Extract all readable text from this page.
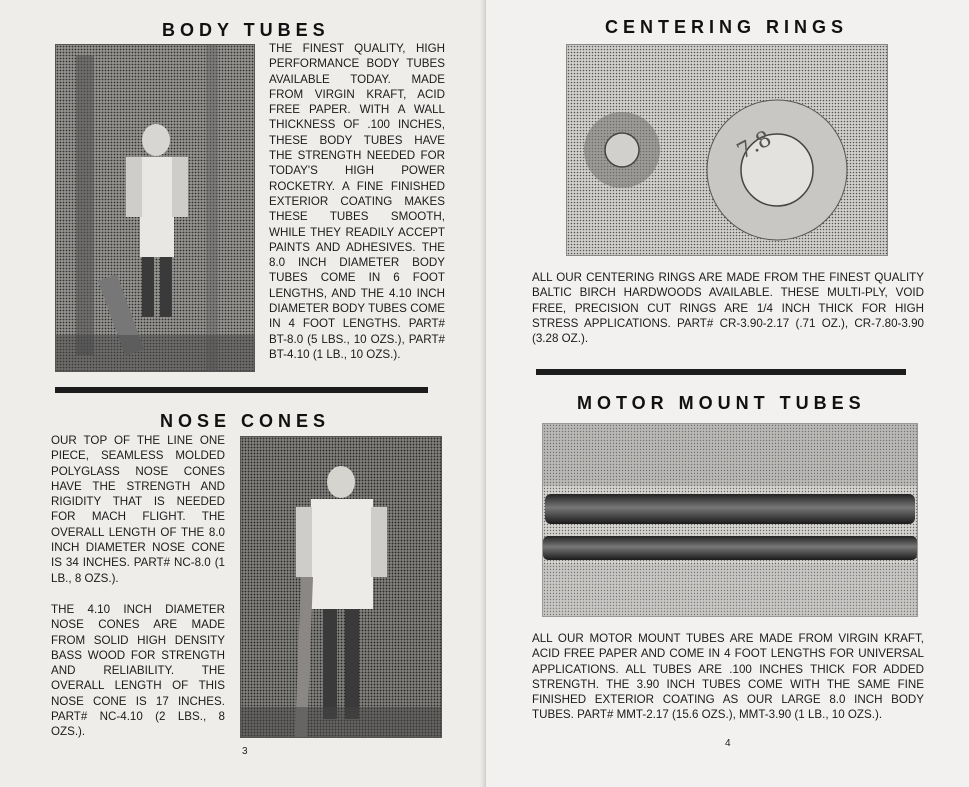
BODY TUBES

THE FINEST QUALITY, HIGH PERFORMANCE BODY TUBES AVAILABLE TODAY. MADE FROM VIRGIN KRAFT, ACID FREE PAPER. WITH A WALL THICKNESS OF .100 INCHES, THESE BODY TUBES HAVE THE STRENGTH NEEDED FOR TODAY'S HIGH POWER ROCKETRY. A FINE FINISHED EXTERIOR COATING MAKES THESE TUBES SMOOTH, WHILE THEY READILY ACCEPT PAINTS AND ADHESIVES. THE 8.0 INCH DIAMETER BODY TUBES COME IN 6 FOOT LENGTHS, AND THE 4.10 INCH DIAMETER BODY TUBES COME IN 4 FOOT LENGTHS. PART# BT-8.0 (5 LBS., 10 OZS.), PART# BT-4.10 (1 LB., 10 OZS.).

NOSE CONES

OUR TOP OF THE LINE ONE PIECE, SEAMLESS MOLDED POLYGLASS NOSE CONES HAVE THE STRENGTH AND RIGIDITY THAT IS NEEDED FOR MACH FLIGHT. THE OVERALL LENGTH OF THE 8.0 INCH DIAMETER NOSE CONE IS 34 INCHES. PART# NC-8.0 (1 LB., 8 OZS.).

THE 4.10 INCH DIAMETER NOSE CONES ARE MADE FROM SOLID HIGH DENSITY BASS WOOD FOR STRENGTH AND RELIABILITY. THE OVERALL LENGTH OF THIS NOSE CONE IS 17 INCHES. PART# NC-4.10 (2 LBS., 8 OZS.).

3
CENTERING RINGS
7.8

ALL OUR CENTERING RINGS ARE MADE FROM THE FINEST QUALITY BALTIC BIRCH HARDWOODS AVAILABLE. THESE MULTI-PLY, VOID FREE, PRECISION CUT RINGS ARE 1/4 INCH THICK FOR HIGH STRESS APPLICATIONS. PART# CR-3.90-2.17 (.71 OZ.), CR-7.80-3.90 (3.28 OZ.).

MOTOR MOUNT TUBES

ALL OUR MOTOR MOUNT TUBES ARE MADE FROM VIRGIN KRAFT, ACID FREE PAPER AND COME IN 4 FOOT LENGTHS FOR UNIVERSAL APPLICATIONS. ALL TUBES ARE .100 INCHES THICK FOR ADDED STRENGTH. THE 3.90 INCH TUBES COME WITH THE SAME FINE FINISHED EXTERIOR COATING AS OUR LARGE 8.0 INCH BODY TUBES. PART# MMT-2.17 (15.6 OZS.), MMT-3.90 (1 LB., 10 OZS.).

4
